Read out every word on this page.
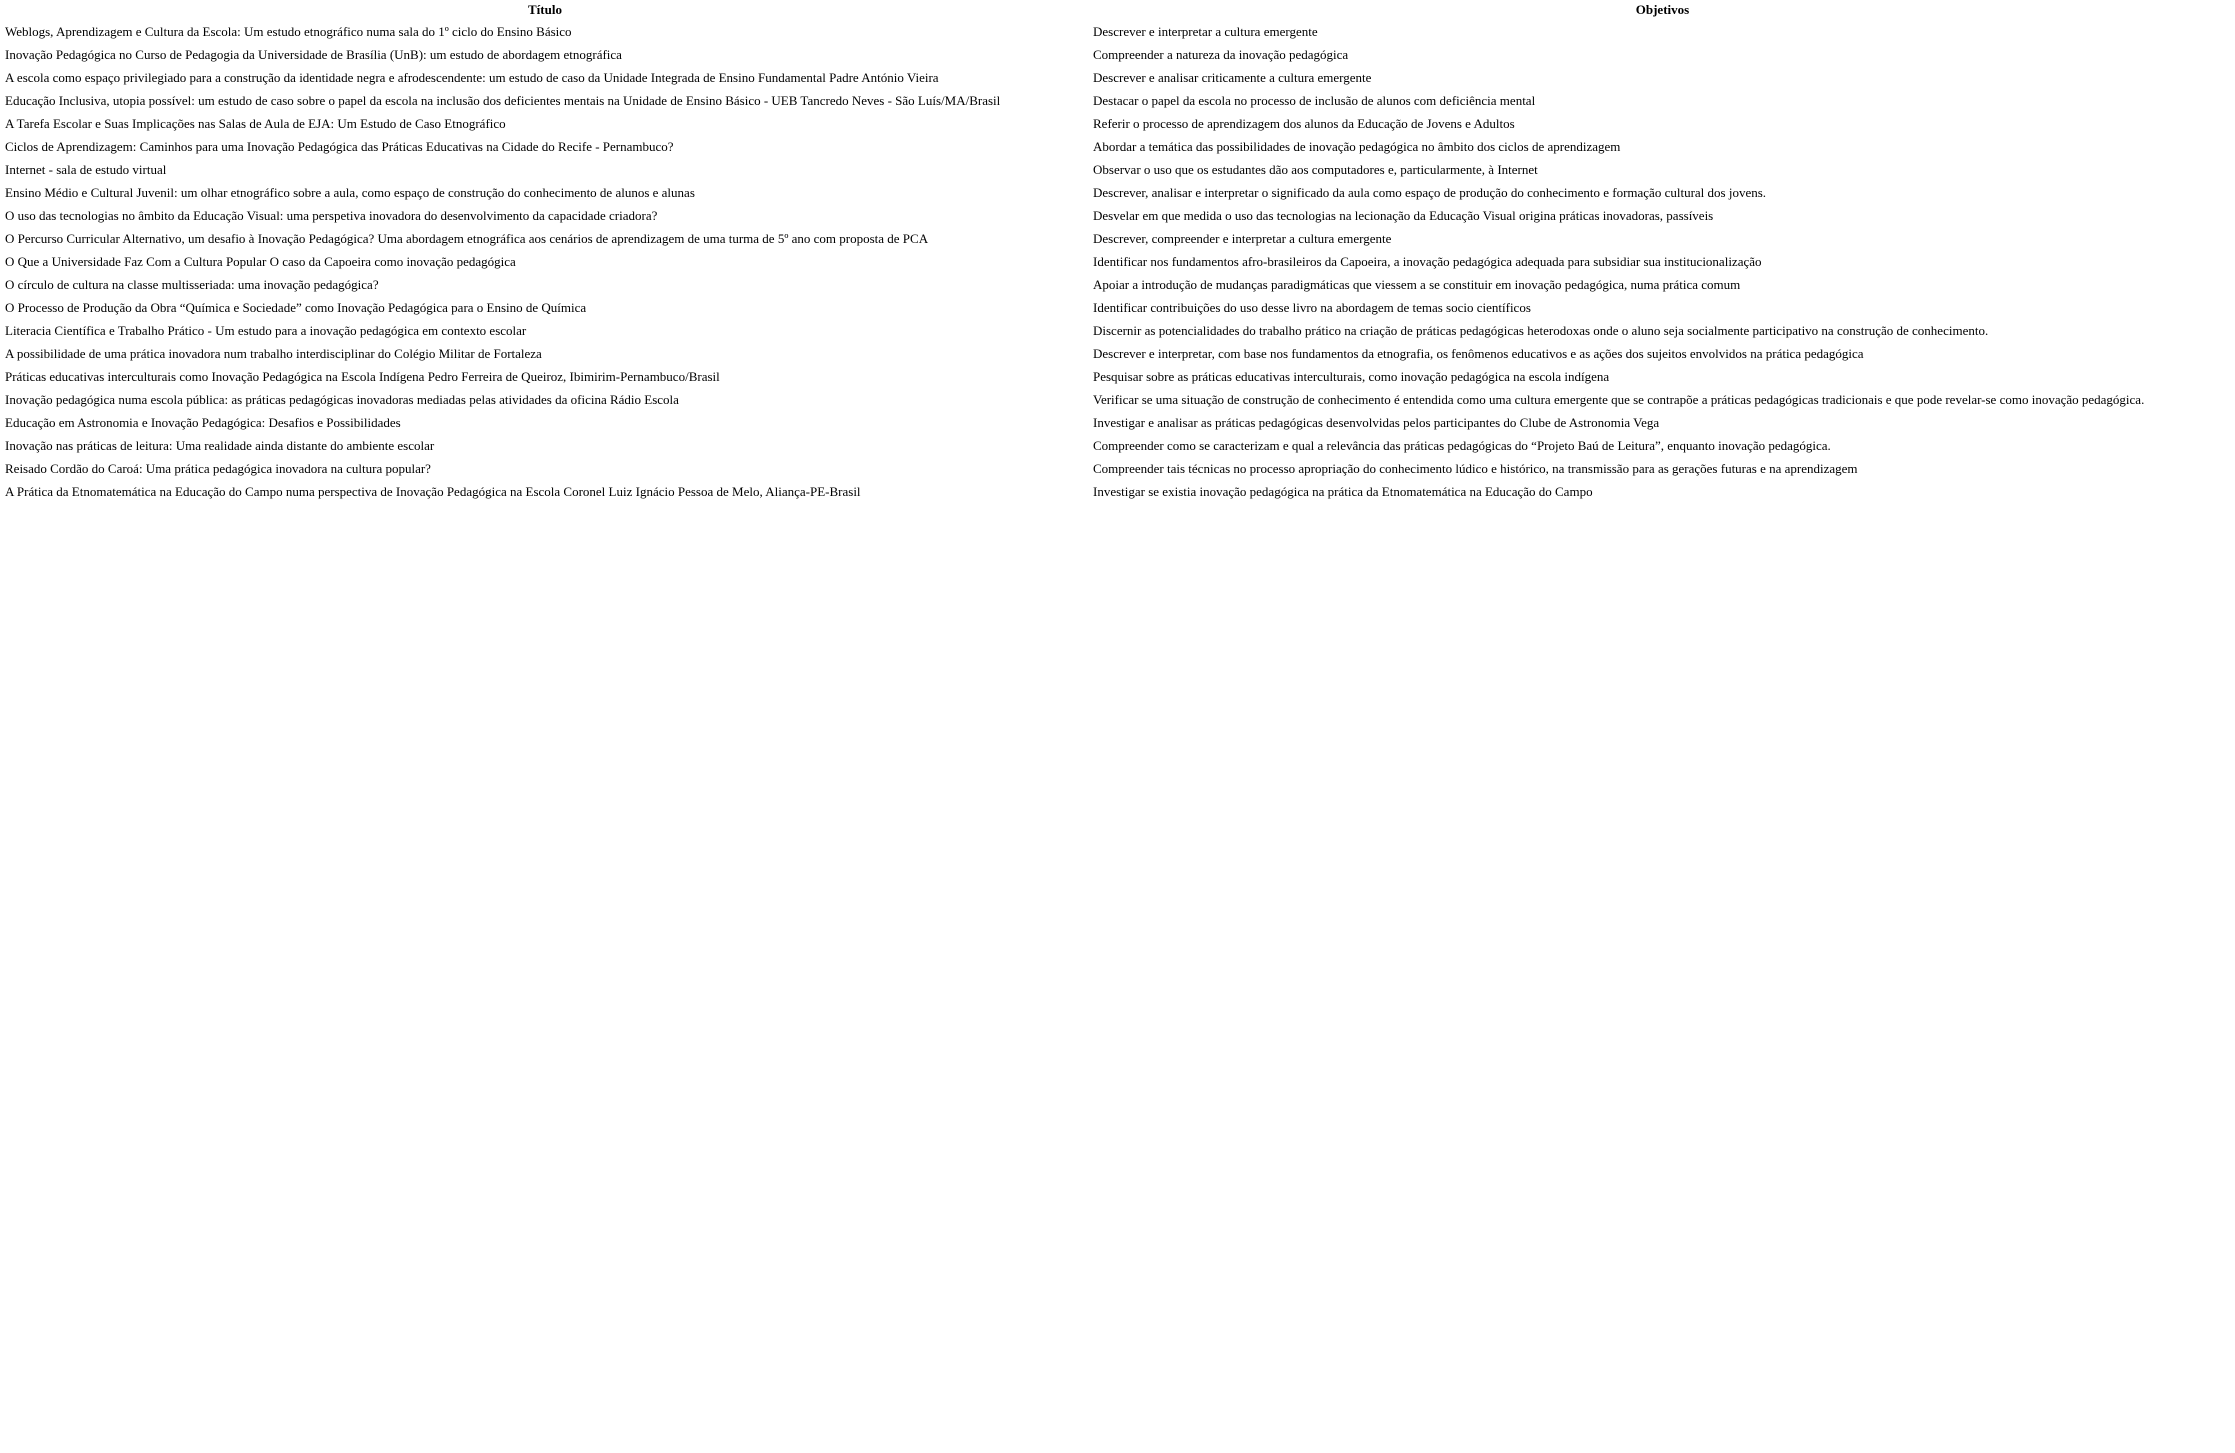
Título	Objetivos
Weblogs, Aprendizagem e Cultura da Escola: Um estudo etnográfico numa sala do 1º ciclo do Ensino Básico	Descrever e interpretar a cultura emergente
Inovação Pedagógica no Curso de Pedagogia da Universidade de Brasília (UnB): um estudo de abordagem etnográfica	Compreender a natureza da inovação pedagógica
A escola como espaço privilegiado para a construção da identidade negra e afrodescendente: um estudo de caso da Unidade Integrada de Ensino Fundamental Padre António Vieira	Descrever e analisar criticamente a cultura emergente
Educação Inclusiva, utopia possível: um estudo de caso sobre o papel da escola na inclusão dos deficientes mentais na Unidade de Ensino Básico - UEB Tancredo Neves - São Luís/MA/Brasil	Destacar o papel da escola no processo de inclusão de alunos com deficiência mental
A Tarefa Escolar e Suas Implicações nas Salas de Aula de EJA: Um Estudo de Caso Etnográfico	Referir o processo de aprendizagem dos alunos da Educação de Jovens e Adultos
Ciclos de Aprendizagem: Caminhos para uma Inovação Pedagógica das Práticas Educativas na Cidade do Recife - Pernambuco?	Abordar a temática das possibilidades de inovação pedagógica no âmbito dos ciclos de aprendizagem
Internet - sala de estudo virtual	Observar o uso que os estudantes dão aos computadores e, particularmente, à Internet
Ensino Médio e Cultural Juvenil: um olhar etnográfico sobre a aula, como espaço de construção do conhecimento de alunos e alunas	Descrever, analisar e interpretar o significado da aula como espaço de produção do conhecimento e formação cultural dos jovens.
O uso das tecnologias no âmbito da Educação Visual: uma perspetiva inovadora do desenvolvimento da capacidade criadora?	Desvelar em que medida o uso das tecnologias na lecionação da Educação Visual origina práticas inovadoras, passíveis
O Percurso Curricular Alternativo, um desafio à Inovação Pedagógica? Uma abordagem etnográfica aos cenários de aprendizagem de uma turma de 5º ano com proposta de PCA	Descrever, compreender e interpretar a cultura emergente
O Que a Universidade Faz Com a Cultura Popular O caso da Capoeira como inovação pedagógica	Identificar nos fundamentos afro-brasileiros da Capoeira, a inovação pedagógica adequada para subsidiar sua institucionalização
O círculo de cultura na classe multisseriada: uma inovação pedagógica?	Apoiar a introdução de mudanças paradigmáticas que viessem a se constituir em inovação pedagógica, numa prática comum
O Processo de Produção da Obra “Química e Sociedade” como Inovação Pedagógica para o Ensino de Química	Identificar contribuições do uso desse livro na abordagem de temas socio científicos
Literacia Científica e Trabalho Prático - Um estudo para a inovação pedagógica em contexto escolar	Discernir as potencialidades do trabalho prático na criação de práticas pedagógicas heterodoxas onde o aluno seja socialmente participativo na construção de conhecimento.
A possibilidade de uma prática inovadora num trabalho interdisciplinar do Colégio Militar de Fortaleza	Descrever e interpretar, com base nos fundamentos da etnografia, os fenômenos educativos e as ações dos sujeitos envolvidos na prática pedagógica
Práticas educativas interculturais como Inovação Pedagógica na Escola Indígena Pedro Ferreira de Queiroz, Ibimirim-Pernambuco/Brasil	Pesquisar sobre as práticas educativas interculturais, como inovação pedagógica na escola indígena
Inovação pedagógica numa escola pública: as práticas pedagógicas inovadoras mediadas pelas atividades da oficina Rádio Escola	Verificar se uma situação de construção de conhecimento é entendida como uma cultura emergente que se contrapõe a práticas pedagógicas tradicionais e que pode revelar-se como inovação pedagógica.
Educação em Astronomia e Inovação Pedagógica: Desafios e Possibilidades	Investigar e analisar as práticas pedagógicas desenvolvidas pelos participantes do Clube de Astronomia Vega
Inovação nas práticas de leitura: Uma realidade ainda distante do ambiente escolar	Compreender como se caracterizam e qual a relevância das práticas pedagógicas do “Projeto Baú de Leitura”, enquanto inovação pedagógica.
Reisado Cordão do Caroá: Uma prática pedagógica inovadora na cultura popular?	Compreender tais técnicas no processo apropriação do conhecimento lúdico e histórico, na transmissão para as gerações futuras e na aprendizagem
A Prática da Etnomatemática na Educação do Campo numa perspectiva de Inovação Pedagógica na Escola Coronel Luiz Ignácio Pessoa de Melo, Aliança-PE-Brasil	Investigar se existia inovação pedagógica na prática da Etnomatemática na Educação do Campo
